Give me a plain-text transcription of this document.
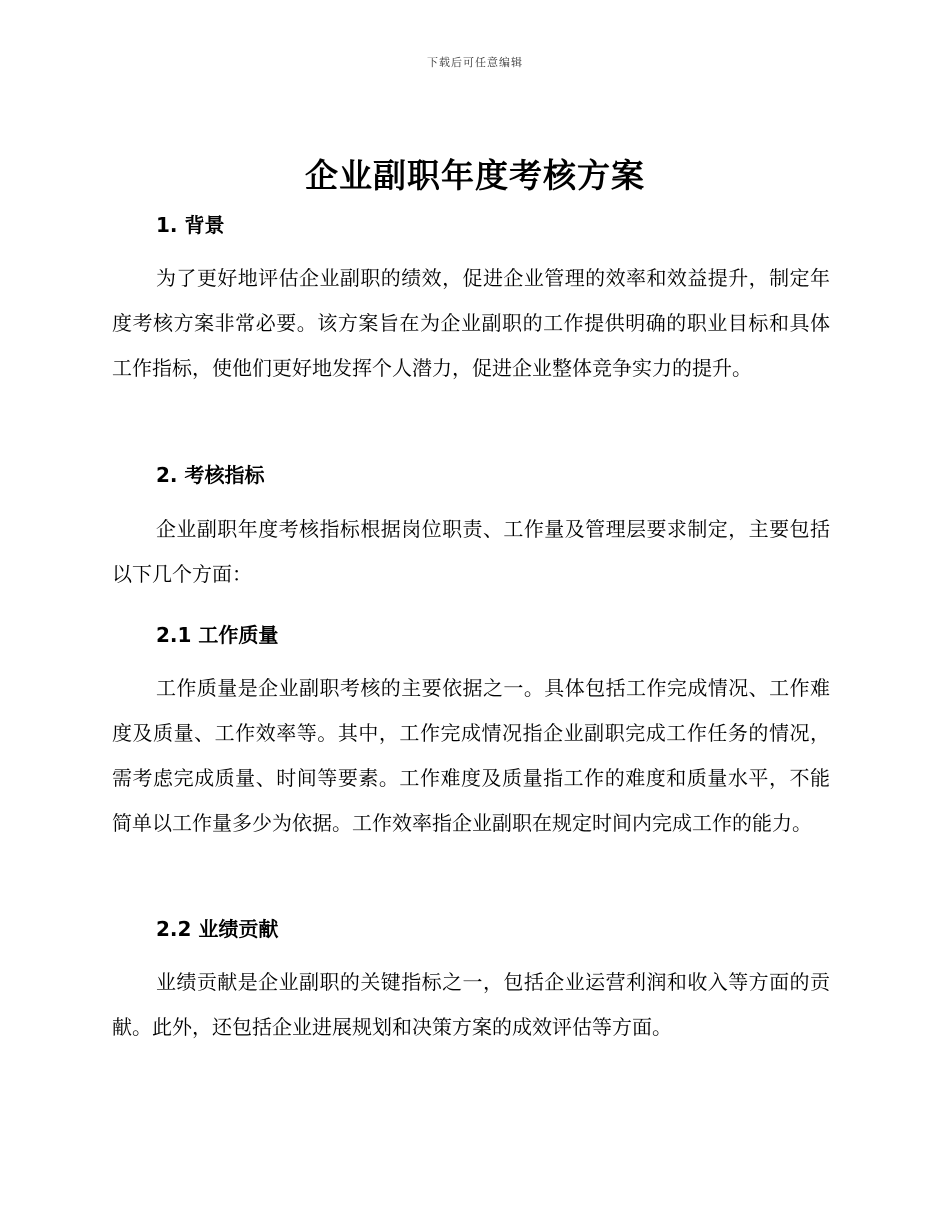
下载后可任意编辑
企业副职年度考核方案
1. 背景
为了更好地评估企业副职的绩效，促进企业管理的效率和效益提升，制定年度考核方案非常必要。该方案旨在为企业副职的工作提供明确的职业目标和具体工作指标，使他们更好地发挥个人潜力，促进企业整体竞争实力的提升。
2. 考核指标
企业副职年度考核指标根据岗位职责、工作量及管理层要求制定，主要包括以下几个方面：
2.1 工作质量
工作质量是企业副职考核的主要依据之一。具体包括工作完成情况、工作难度及质量、工作效率等。其中，工作完成情况指企业副职完成工作任务的情况，需考虑完成质量、时间等要素。工作难度及质量指工作的难度和质量水平，不能简单以工作量多少为依据。工作效率指企业副职在规定时间内完成工作的能力。
2.2 业绩贡献
业绩贡献是企业副职的关键指标之一，包括企业运营利润和收入等方面的贡献。此外，还包括企业进展规划和决策方案的成效评估等方面。
